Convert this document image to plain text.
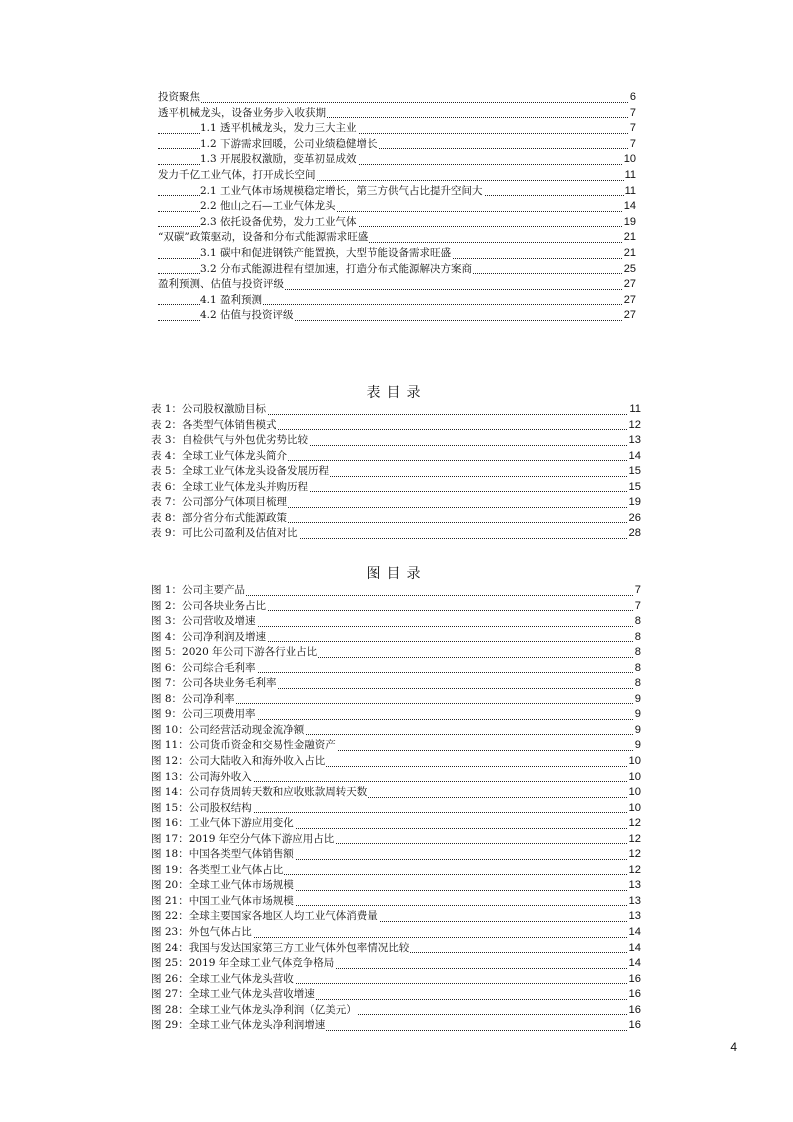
投资聚焦	6
透平机械龙头，设备业务步入收获期	7
1.1 透平机械龙头，发力三大主业	7
1.2 下游需求回暖，公司业绩稳健增长	7
1.3 开展股权激励，变革初显成效	10
发力千亿工业气体，打开成长空间	11
2.1 工业气体市场规模稳定增长，第三方供气占比提升空间大	11
2.2 他山之石—工业气体龙头	14
2.3 依托设备优势，发力工业气体	19
“双碳”政策驱动，设备和分布式能源需求旺盛	21
3.1 碳中和促进钢铁产能置换，大型节能设备需求旺盛	21
3.2 分布式能源进程有望加速，打造分布式能源解决方案商	25
盈利预测、估值与投资评级	27
4.1 盈利预测	27
4.2 估值与投资评级	27
表目录
表 1：公司股权激励目标	11
表 2：各类型气体销售模式	12
表 3：自检供气与外包优劣势比较	13
表 4：全球工业气体龙头简介	14
表 5：全球工业气体龙头设备发展历程	15
表 6：全球工业气体龙头并购历程	15
表 7：公司部分气体项目梳理	19
表 8：部分省分布式能源政策	26
表 9：可比公司盈利及估值对比	28
图目录
图 1：公司主要产品	7
图 2：公司各块业务占比	7
图 3：公司营收及增速	8
图 4：公司净利润及增速	8
图 5：2020 年公司下游各行业占比	8
图 6：公司综合毛利率	8
图 7：公司各块业务毛利率	8
图 8：公司净利率	9
图 9：公司三项费用率	9
图 10：公司经营活动现金流净额	9
图 11：公司货币资金和交易性金融资产	9
图 12：公司大陆收入和海外收入占比	10
图 13：公司海外收入	10
图 14：公司存货周转天数和应收账款周转天数	10
图 15：公司股权结构	10
图 16：工业气体下游应用变化	12
图 17：2019 年空分气体下游应用占比	12
图 18：中国各类型气体销售额	12
图 19：各类型工业气体占比	12
图 20：全球工业气体市场规模	13
图 21：中国工业气体市场规模	13
图 22：全球主要国家各地区人均工业气体消费量	13
图 23：外包气体占比	14
图 24：我国与发达国家第三方工业气体外包率情况比较	14
图 25：2019 年全球工业气体竞争格局	14
图 26：全球工业气体龙头营收	16
图 27：全球工业气体龙头营收增速	16
图 28：全球工业气体龙头净利润（亿美元）	16
图 29：全球工业气体龙头净利润增速	16
4
